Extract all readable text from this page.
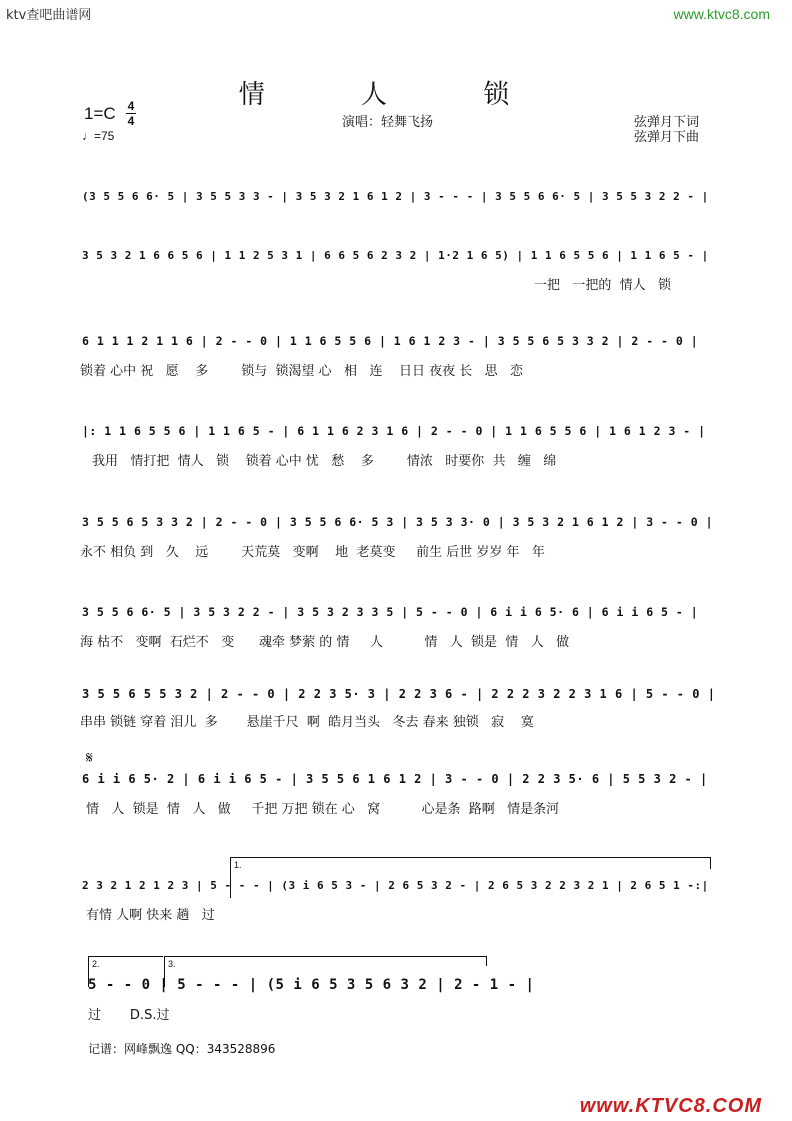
ktv查吧曲谱网	www.ktvc8.com
情 人 锁
1=C 4
4
♩=75
演唱：轻舞飞扬	弦弹月下词
弦弹月下曲
(3 5 5 6 6· 5 | 3 5 5 3 3 - | 3 5 3 2 1 6 1 2 | 3 - - - | 3 5 5 6 6· 5 | 3 5 5 3 2 2 - |
3 5 3 2 1 6 6 5 6 | 1 1 2 5 3 1 | 6 6 5 6 2 3 2 | 1·2 1 6 5) | 1 1 6 5 5 6 | 1 1 6 5 - |
一把   一把的  情人   锁
6 1 1 1 2 1 1 6 | 2 - - 0 | 1 1 6 5 5 6 | 1 6 1 2 3 - | 3 5 5 6 5 3 3 2 | 2 - - 0 |
锁着 心中 祝   愿    多        锁与  锁渴望 心   相   连    日日 夜夜 长   思   恋
|: 1 1 6 5 5 6 | 1 1 6 5 - | 6 1 1 6 2 3 1 6 | 2 - - 0 | 1 1 6 5 5 6 | 1 6 1 2 3 - |
我用   情打把  情人   锁    锁着 心中 忧   愁    多        情浓   时要你  共   缠   绵
3 5 5 6 5 3 3 2 | 2 - - 0 | 3 5 5 6 6· 5 3 | 3 5 3 3· 0 | 3 5 3 2 1 6 1 2 | 3 - - 0 |
永不 相负 到   久    远        天荒莫   变啊    地  老莫变     前生 后世 岁岁 年   年
3 5 5 6 6· 5 | 3 5 3 2 2 - | 3 5 3 2 3 3 5 | 5 - - 0 | 6 i i 6 5· 6 | 6 i i 6 5 - |
海 枯不   变啊  石烂不   变      魂牵 梦萦 的 情     人          情   人  锁是  情   人   做
3 5 5 6 5 5 3 2 | 2 - - 0 | 2 2 3 5· 3 | 2 2 3 6 - | 2 2 2 3 2 2 3 1 6 | 5 - - 0 |
串串 锁链 穿着 泪儿  多       悬崖千尺  啊  皓月当头   冬去 春来 独锁   寂    寞
𝄋
6 i i 6 5· 2 | 6 i i 6 5 - | 3 5 5 6 1 6 1 2 | 3 - - 0 | 2 2 3 5· 6 | 5 5 3 2 - |
情   人  锁是  情   人   做     千把 万把 锁在 心   窝          心是条  路啊   情是条河
1.
2 3 2 1 2 1 2 3 | 5 - - - | (3 i 6 5 3 - | 2 6 5 3 2 - | 2 6 5 3 2 2 3 2 1 | 2 6 5 1 -:|
有情 人啊 快来 趟   过
2.	3.
5 - - 0 | 5 - - - | (5 i 6 5 3 5 6 3 2 | 2 - 1 - |
过       D.S.过
记谱：网峰飘逸 QQ：343528896
www.KTVC8.COM
